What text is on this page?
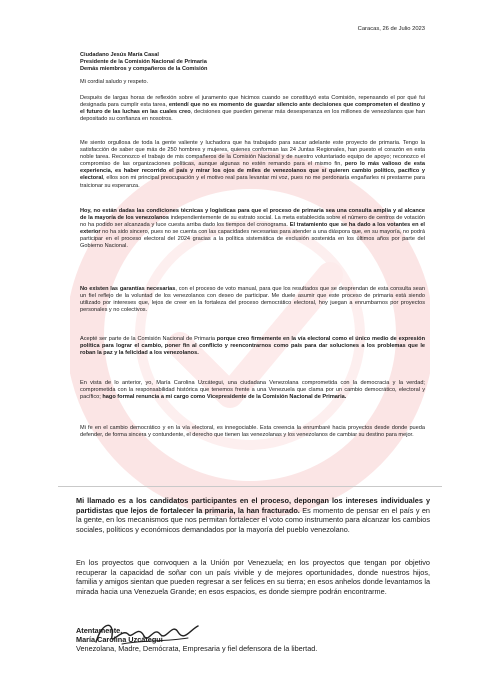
Caracas, 26 de Julio 2023
Ciudadano Jesús María Casal
Presidente de la Comisión Nacional de Primaria
Demás miembros y compañeros de la Comisión
Mi cordial saludo y respeto.
Después de largas horas de reflexión sobre el juramento que hicimos cuando se constituyó esta Comisión, repensando el por qué fui designada para cumplir esta tarea, entendí que no es momento de guardar silencio ante decisiones que comprometen el destino y el futuro de las luchas en las cuales creo, decisiones que pueden generar más desesperanza en los millones de venezolanos que han depositado su confianza en nosotros.
Me siento orgullosa de toda la gente valiente y luchadora que ha trabajado para sacar adelante este proyecto de primaria. Tengo la satisfacción de saber que más de 250 hombres y mujeres, quienes conforman las 24 Juntas Regionales, han puesto el corazón en esta noble tarea. Reconozco el trabajo de mis compañeros de la Comisión Nacional y de nuestro voluntariado equipo de apoyo; reconozco el compromiso de las organizaciones políticas, aunque algunas no estén remando para el mismo fin, pero lo más valioso de esta experiencia, es haber recorrido el país y mirar los ojos de miles de venezolanos que sí quieren cambio político, pacífico y electoral, ellos son mi principal preocupación y el motivo real para levantar mi voz, pues no me perdonaría engañarles ni prestarme para traicionar su esperanza.
Hoy, no están dadas las condiciones técnicas y logísticas para que el proceso de primaria sea una consulta amplia y al alcance de la mayoría de los venezolanos independientemente de su estrato social. La meta establecida sobre el número de centros de votación no ha podido ser alcanzada y luce cuesta arriba dado los tiempos del cronograma. El tratamiento que se ha dado a los votantes en el exterior no ha sido sincero, pues no se cuenta con las capacidades necesarias para atender a una diáspora que, en su mayoría, no podrá participar en el proceso electoral del 2024 gracias a la política sistemática de exclusión sostenida en los últimos años por parte del Gobierno Nacional.
No existen las garantías necesarias, con el proceso de voto manual, para que los resultados que se desprendan de esta consulta sean un fiel reflejo de la voluntad de los venezolanos con deseo de participar. Me duele asumir que este proceso de primaria está siendo utilizado por intereses que, lejos de creer en la fortaleza del proceso democrático electoral, hoy juegan a enrumbarnos por proyectos personales y no colectivos.
Acepté ser parte de la Comisión Nacional de Primaria porque creo firmemente en la vía electoral como el único medio de expresión política para lograr el cambio, poner fin al conflicto y reencontrarnos como país para dar soluciones a los problemas que le roban la paz y la felicidad a los venezolanos.
En vista de lo anterior, yo, María Carolina Uzcátegui, una ciudadana Venezolana comprometida con la democracia y la verdad; comprometida con la responsabilidad histórica que tenemos frente a una Venezuela que clama por un cambio democrático, electoral y pacífico; hago formal renuncia a mi cargo como Vicepresidente de la Comisión Nacional de Primaria.
Mi fe en el cambio democrático y en la vía electoral, es innegociable. Esta creencia la enrumbaré hacia proyectos desde donde pueda defender, de forma sincera y contundente, el derecho que tienen las venezolanas y los venezolanos de cambiar su destino para mejor.
Mi llamado es a los candidatos participantes en el proceso, depongan los intereses individuales y partidistas que lejos de fortalecer la primaria, la han fracturado. Es momento de pensar en el país y en la gente, en los mecanismos que nos permitan fortalecer el voto como instrumento para alcanzar los cambios sociales, políticos y económicos demandados por la mayoría del pueblo venezolano.
En los proyectos que convoquen a la Unión por Venezuela; en los proyectos que tengan por objetivo recuperar la capacidad de soñar con un país vivible y de mejores oportunidades, donde nuestros hijos, familia y amigos sientan que pueden regresar a ser felices en su tierra; en esos anhelos donde levantamos la mirada hacia una Venezuela Grande; en esos espacios, es donde siempre podrán encontrarme.
Atentamente,
María Carolina Uzcátegui
Venezolana, Madre, Demócrata, Empresaria y fiel defensora de la libertad.
